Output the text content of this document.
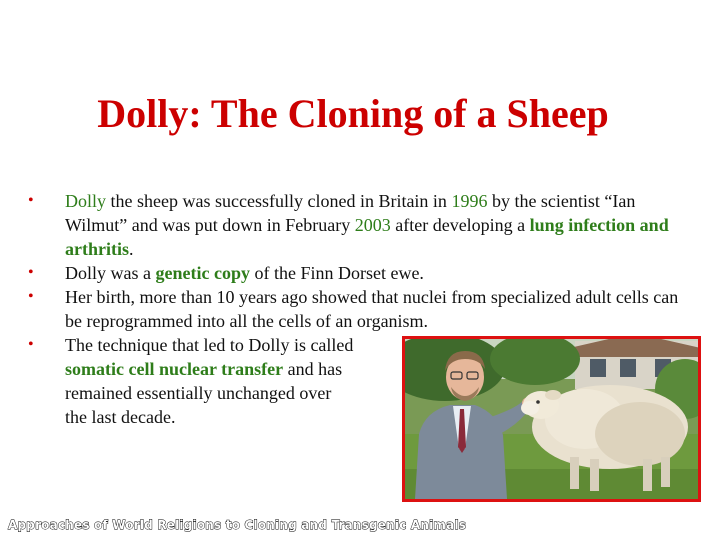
Dolly: The Cloning of a Sheep
• Dolly the sheep was successfully cloned in Britain in 1996 by the scientist “Ian Wilmut” and was put down in February 2003 after developing a lung infection and arthritis.
• Dolly was a genetic copy of the Finn Dorset ewe.
• Her birth, more than 10 years ago showed that nuclei from specialized adult cells can be reprogrammed into all the cells of an organism.
• The technique that led to Dolly is called
somatic cell nuclear transfer and has
remained essentially unchanged over
the last decade.
Approaches of World Religions to Cloning and Transgenic Animals
